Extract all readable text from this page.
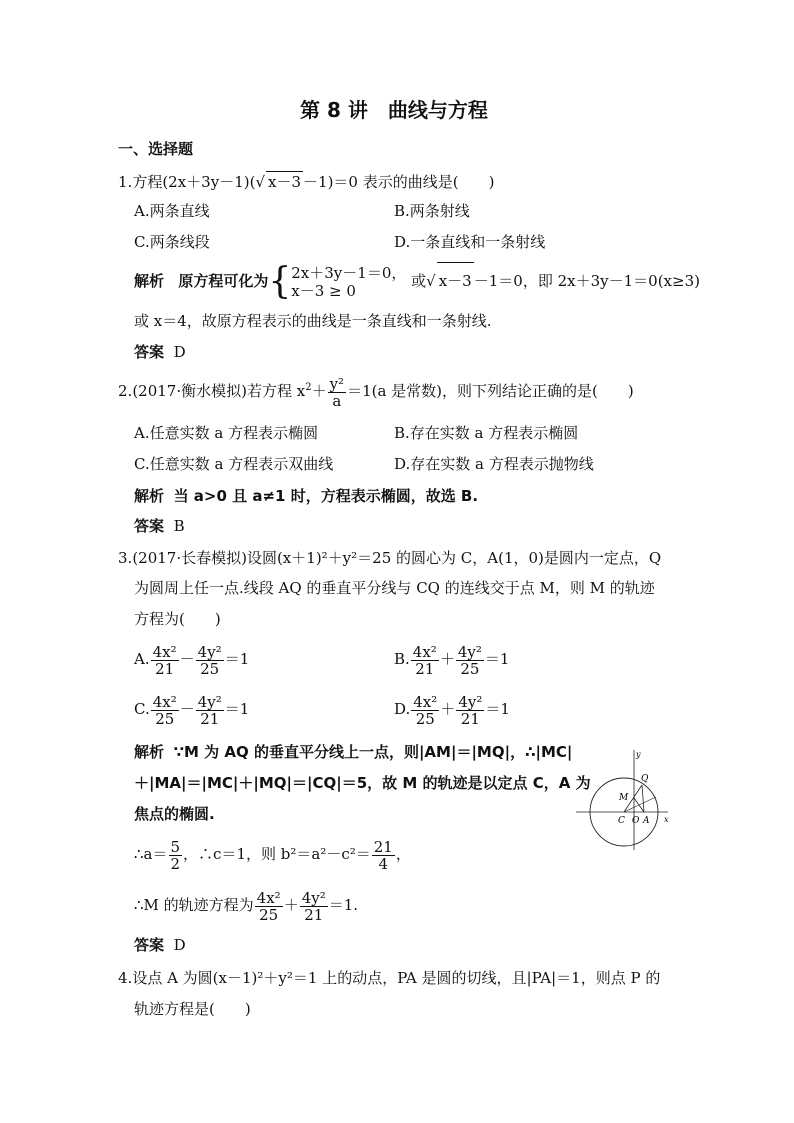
第 8 讲　曲线与方程
一、选择题
1.方程(2x＋3y－1)(√ x－3 －1)＝0 表示的曲线是(　　)
A.两条直线	B.两条射线
C.两条线段	D.一条直线和一条射线
解析 原方程可化为{ 2x＋3y－1＝0，
x－3 ≥ 0
或√ x－3 －1＝0，即 2x＋3y－1＝0(x≥3)
或 x＝4，故原方程表示的曲线是一条直线和一条射线.
答案 D
2.(2017·衡水模拟)若方程 $x^2+ \frac{\text{y²}}{a} =1(a$ 是常数)，则下列结论正确的是(　　)
A.任意实数 a 方程表示椭圆	B.存在实数 a 方程表示椭圆
C.任意实数 a 方程表示双曲线	D.存在实数 a 方程表示抛物线
解析 当 a>0 且 a≠1 时，方程表示椭圆，故选 B.
答案 B
3.(2017·长春模拟)设圆(x＋1)²＋y²＝25 的圆心为 C，A(1，0)是圆内一定点，Q
为圆周上任一点.线段 AQ 的垂直平分线与 CQ 的连线交于点 M，则 M 的轨迹
方程为(　　)
A. $\frac{\text{4x²}}{21} - \frac{\text{4y²}}{25} =1$	B. $\frac{\text{4x²}}{21} + \frac{\text{4y²}}{25} =1$
C. $\frac{\text{4x²}}{25} - \frac{\text{4y²}}{21} =1$	D. $\frac{\text{4x²}}{25} + \frac{\text{4y²}}{21} =1$
解析 ∵M 为 AQ 的垂直平分线上一点，则|AM|＝|MQ|，∴|MC|
＋|MA|＝|MC|＋|MQ|＝|CQ|＝5，故 M 的轨迹是以定点 C，A 为
焦点的椭圆.
∴a＝ $\frac{5}{2}$ ，∴c＝1，则 $b^2=a^2-c^2= \frac{21}{4}$ ，
∴M 的轨迹方程为 $\frac{\text{4x²}}{25} + \frac{\text{4y²}}{21} =1$.
答案 D
y
x
Q
M
C O A
4.设点 A 为圆(x－1)²＋y²＝1 上的动点，PA 是圆的切线，且|PA|＝1，则点 P 的
轨迹方程是(　　)
